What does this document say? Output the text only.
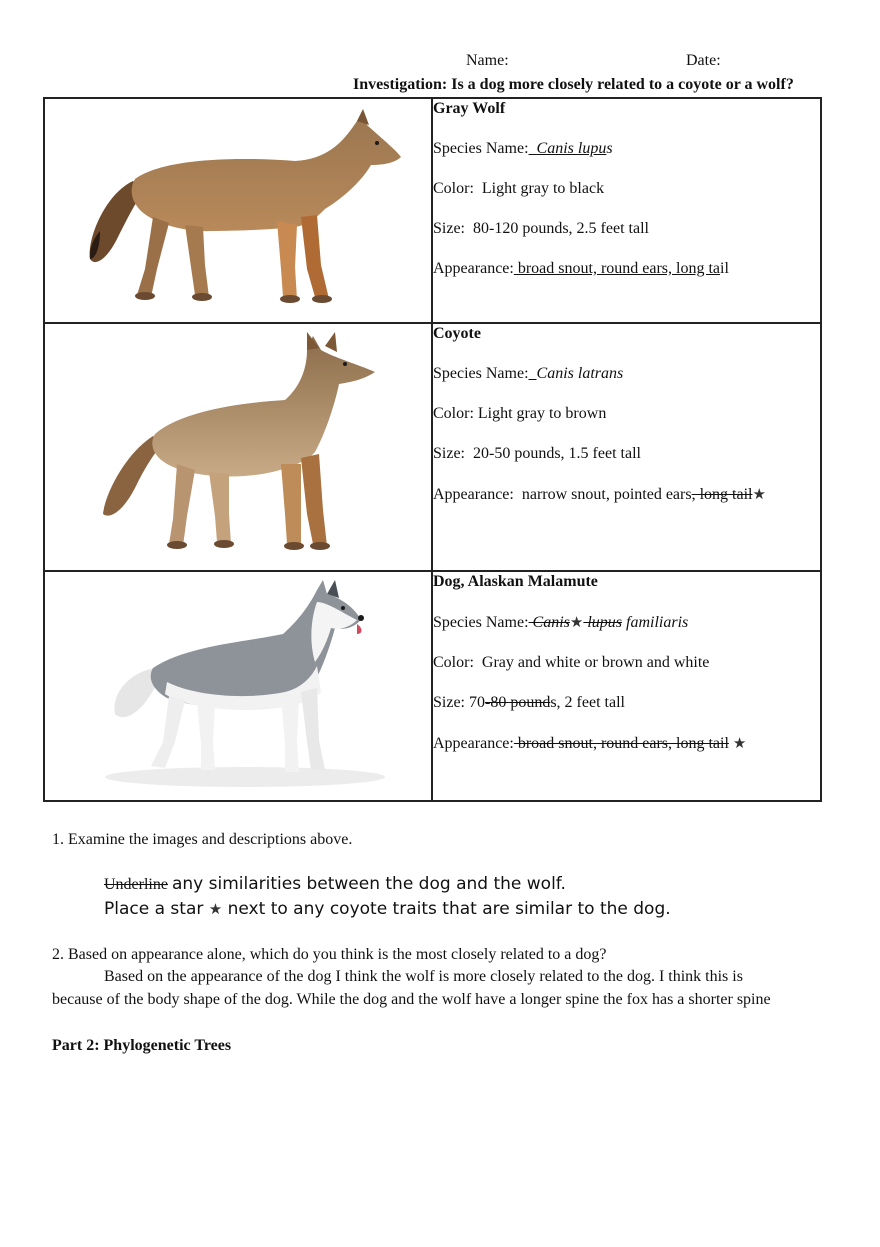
Name:	Date:
Investigation: Is a dog more closely related to a coyote or a wolf?

Gray Wolf
Species Name: Canis lupus
Color: Light gray to black
Size: 80-120 pounds, 2.5 feet tall
Appearance: broad snout, round ears, long tail

Coyote
Species Name: Canis latrans
Color: Light gray to brown
Size: 20-50 pounds, 1.5 feet tall
Appearance: narrow snout, pointed ears, long tail★

Dog, Alaskan Malamute
Species Name: Canis★ lupus familiaris
Color: Gray and white or brown and white
Size: 70-80 pounds, 2 feet tall
Appearance: broad snout, round ears, long tail ★
1. Examine the images and descriptions above.
Underline any similarities between the dog and the wolf.
Place a star ★ next to any coyote traits that are similar to the dog.
2. Based on appearance alone, which do you think is the most closely related to a dog?
Based on the appearance of the dog I think the wolf is more closely related to the dog. I think this is
because of the body shape of the dog. While the dog and the wolf have a longer spine the fox has a shorter spine
Part 2: Phylogenetic Trees
